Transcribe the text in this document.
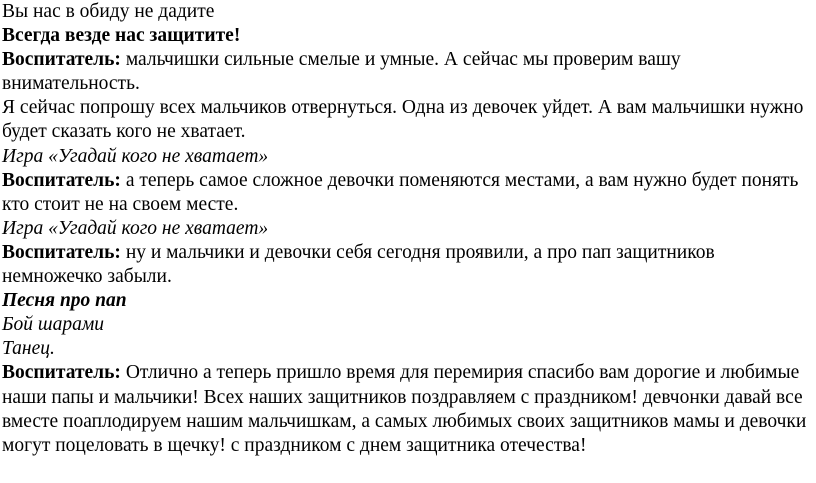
Вы нас в обиду не дадите

Всегда везде нас защитите!

Воспитатель: мальчишки сильные смелые и умные. А сейчас мы проверим вашу внимательность.

Я сейчас попрошу всех мальчиков отвернуться. Одна из девочек уйдет. А вам мальчишки нужно будет сказать кого не хватает.

Игра «Угадай кого не хватает»

Воспитатель: а теперь самое сложное девочки поменяются местами, а вам нужно будет понять кто стоит не на своем месте.

Игра «Угадай кого не хватает»

Воспитатель: ну и мальчики и девочки себя сегодня проявили, а про пап защитников немножечко забыли.

Песня про пап

Бой шарами

Танец.

Воспитатель: Отлично а теперь пришло время для перемирия спасибо вам дорогие и любимые наши папы и мальчики! Всех наших защитников поздравляем с праздником! девчонки давай все вместе поаплодируем нашим мальчишкам, а самых любимых своих защитников мамы и девочки могут поцеловать в щечку! с праздником с днем защитника отечества!
